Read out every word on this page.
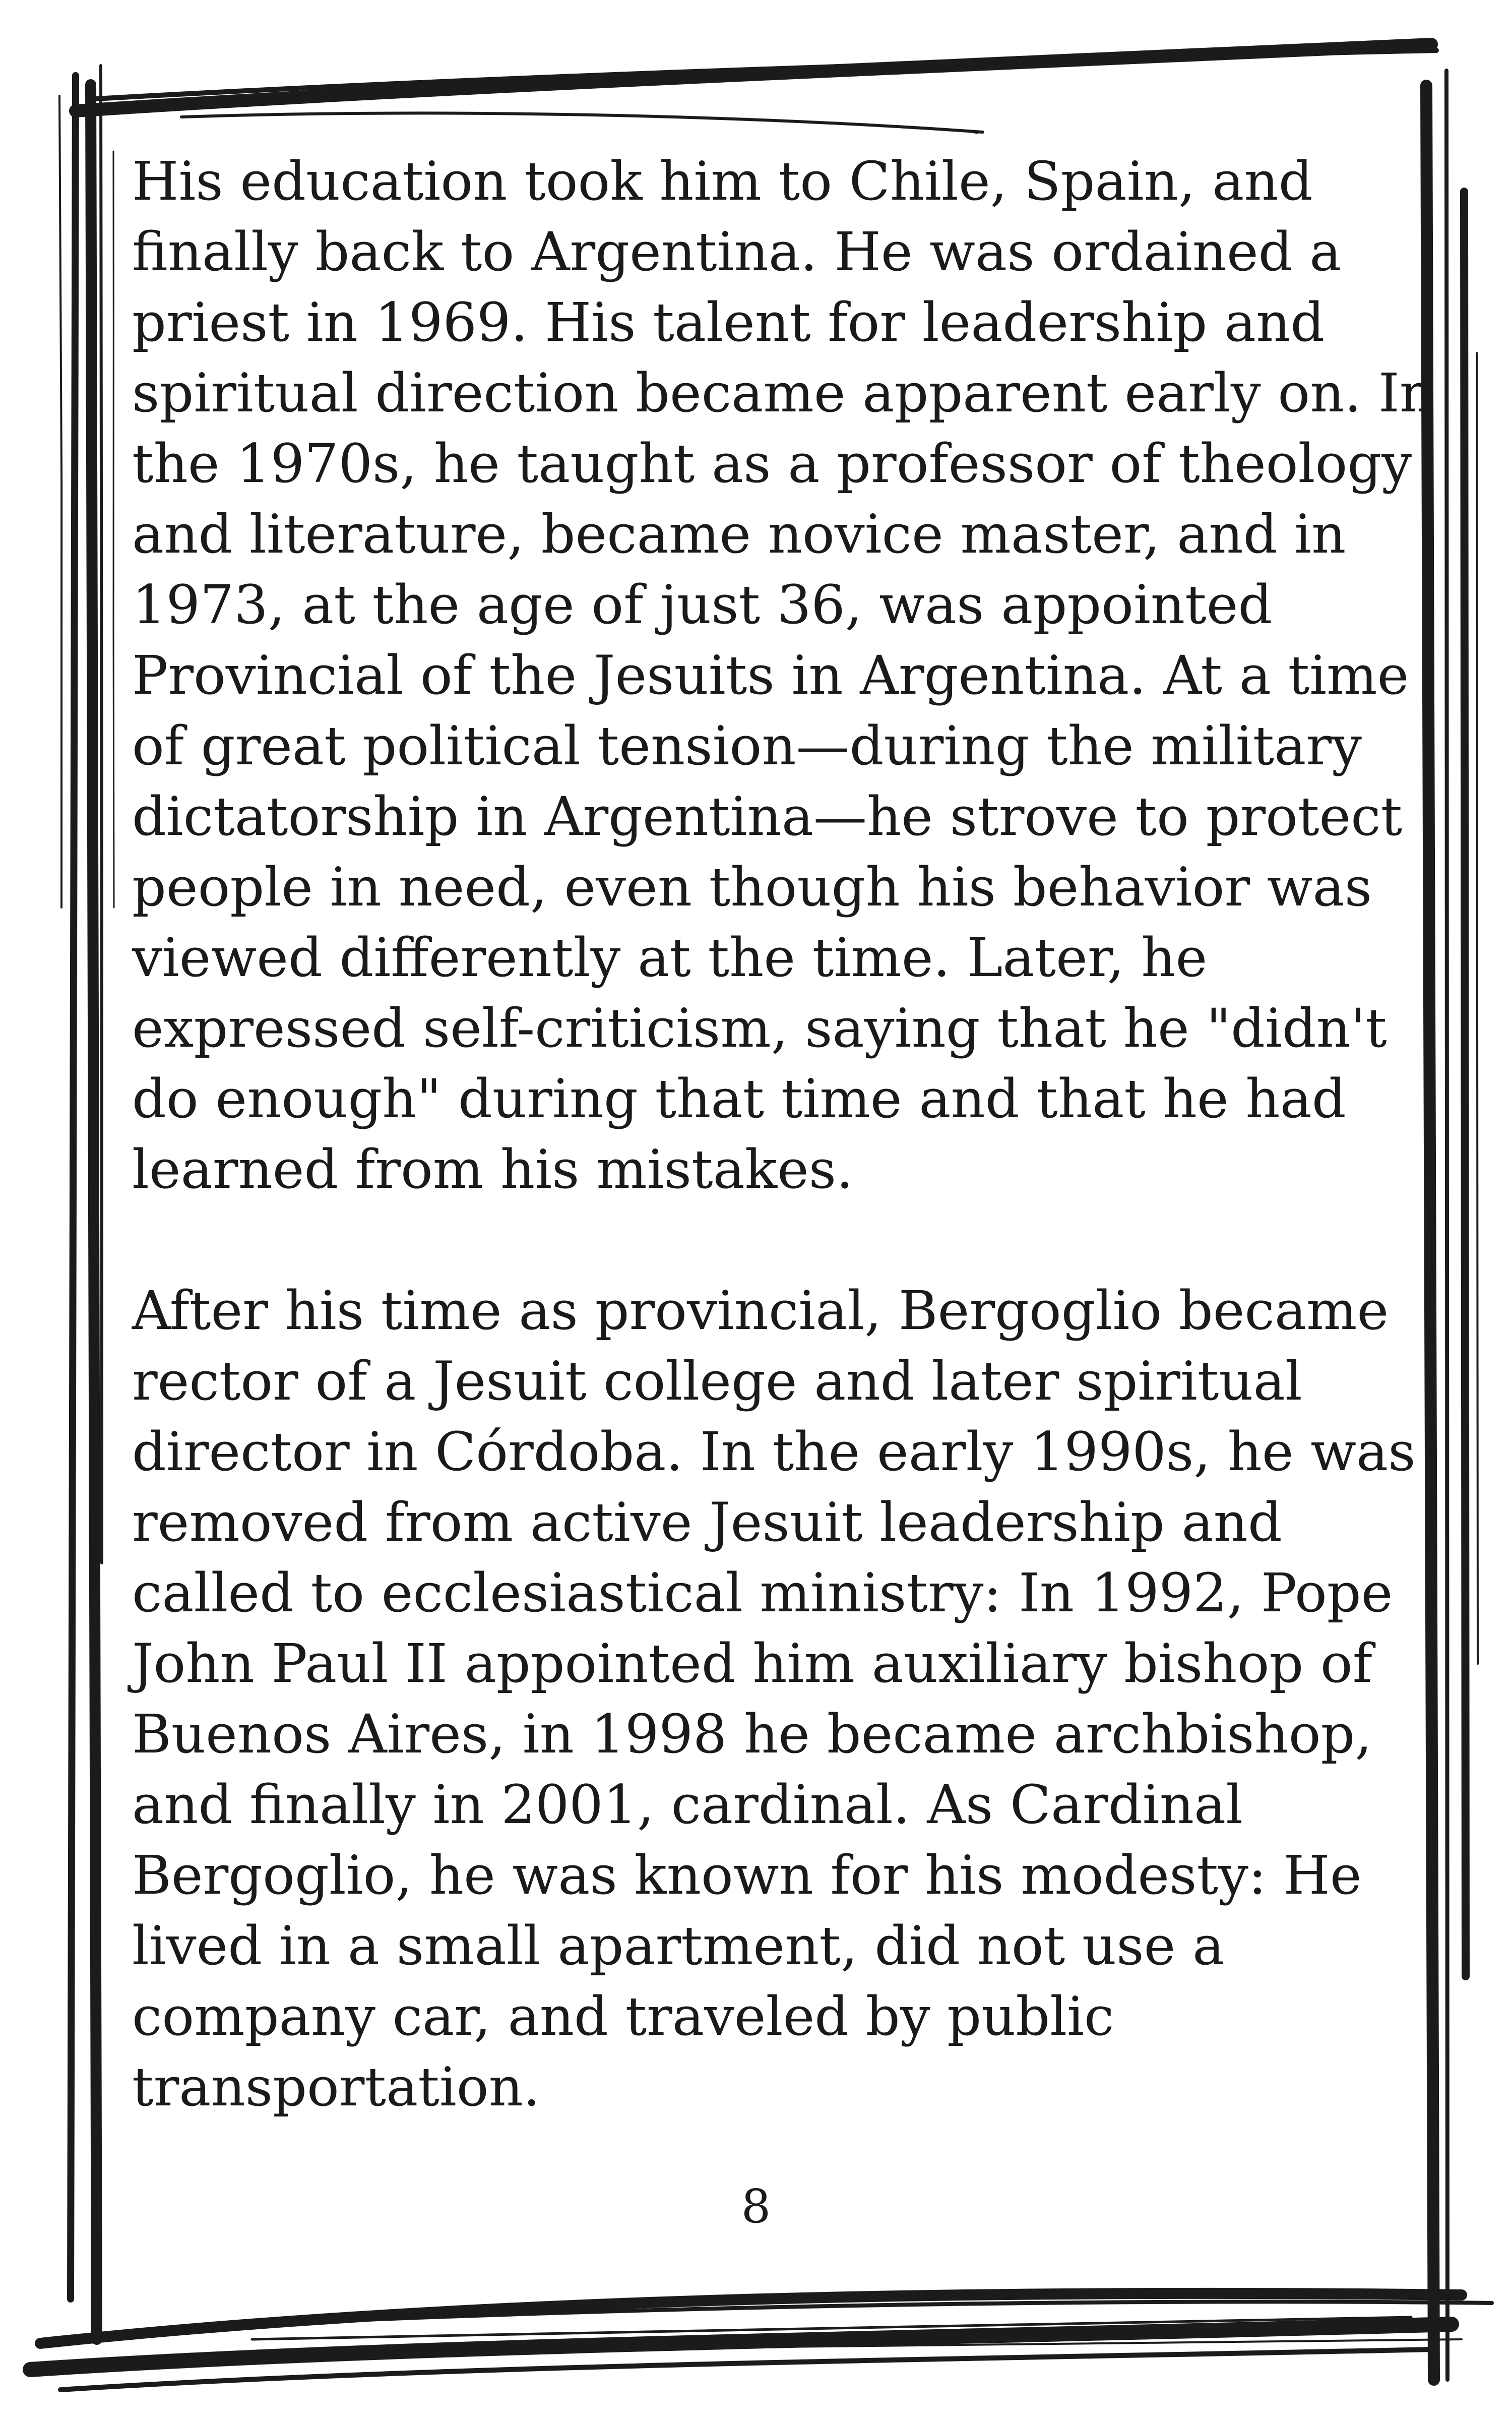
His education took him to Chile, Spain, and
finally back to Argentina. He was ordained a
priest in 1969. His talent for leadership and
spiritual direction became apparent early on. In
the 1970s, he taught as a professor of theology
and literature, became novice master, and in
1973, at the age of just 36, was appointed
Provincial of the Jesuits in Argentina. At a time
of great political tension—during the military
dictatorship in Argentina—he strove to protect
people in need, even though his behavior was
viewed differently at the time. Later, he
expressed self-criticism, saying that he "didn't
do enough" during that time and that he had
learned from his mistakes.
After his time as provincial, Bergoglio became
rector of a Jesuit college and later spiritual
director in Córdoba. In the early 1990s, he was
removed from active Jesuit leadership and
called to ecclesiastical ministry: In 1992, Pope
John Paul II appointed him auxiliary bishop of
Buenos Aires, in 1998 he became archbishop,
and finally in 2001, cardinal. As Cardinal
Bergoglio, he was known for his modesty: He
lived in a small apartment, did not use a
company car, and traveled by public
transportation.
8
